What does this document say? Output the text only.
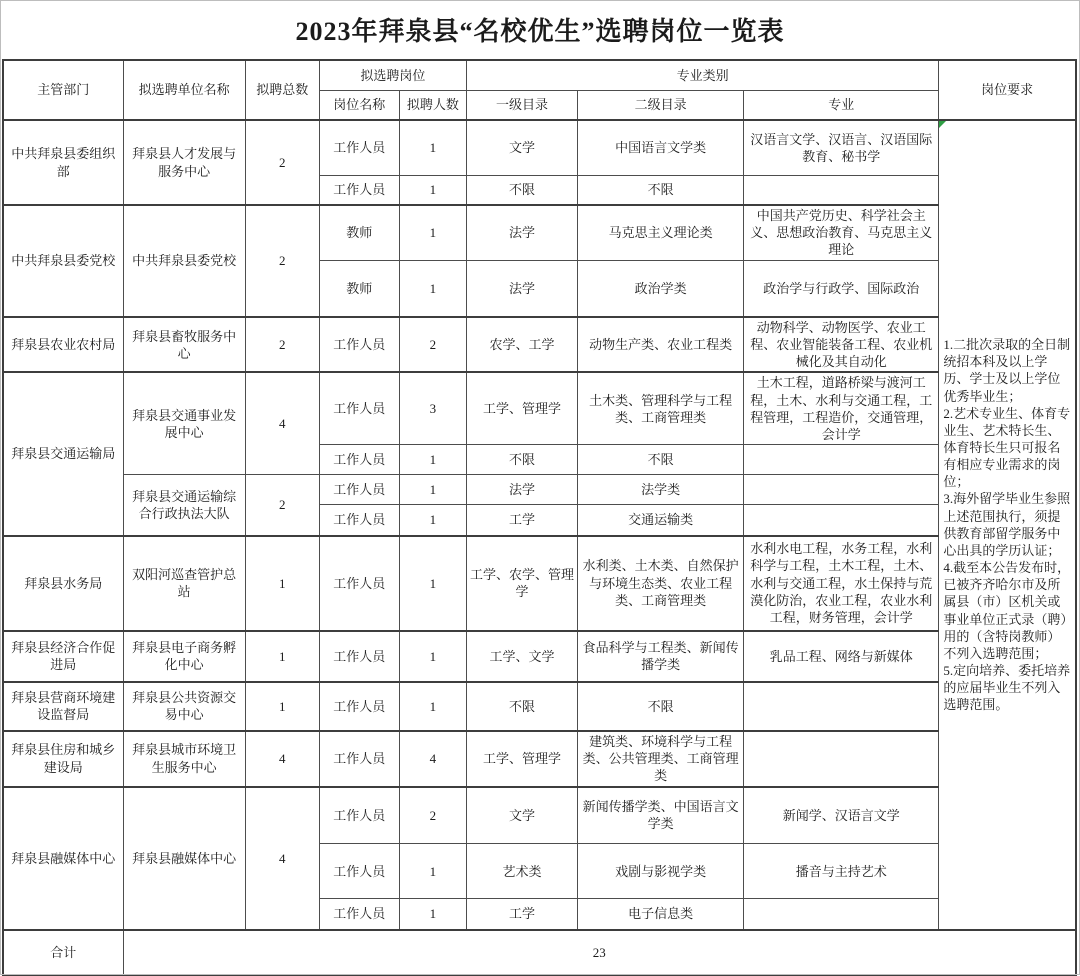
2023年拜泉县“名校优生”选聘岗位一览表
主管部门	拟选聘单位名称	拟聘总数	拟选聘岗位		专业类别			岗位要求
			岗位名称	拟聘人数	一级目录	二级目录	专业	
中共拜泉县委组织部	拜泉县人才发展与服务中心	2	工作人员	1	文学	中国语言文学类	汉语言文学、汉语言、汉语国际教育、秘书学	1.二批次录取的全日制统招本科及以上学历、学士及以上学位优秀毕业生；
2.艺术专业生、体育专业生、艺术特长生、体育特长生只可报名有相应专业需求的岗位；
3.海外留学毕业生参照上述范围执行，须提供教育部留学服务中心出具的学历认证；
4.截至本公告发布时，已被齐齐哈尔市及所属县（市）区机关或事业单位正式录（聘）用的（含特岗教师）不列入选聘范围；
5.定向培养、委托培养的应届毕业生不列入选聘范围。

			工作人员	1	不限	不限		
中共拜泉县委党校	中共拜泉县委党校	2	教师	1	法学	马克思主义理论类	中国共产党历史、科学社会主义、思想政治教育、马克思主义理论	
			教师	1	法学	政治学类	政治学与行政学、国际政治	
拜泉县农业农村局	拜泉县畜牧服务中心	2	工作人员	2	农学、工学	动物生产类、农业工程类	动物科学、动物医学、农业工程、农业智能装备工程、农业机械化及其自动化	
拜泉县交通运输局	拜泉县交通事业发展中心	4	工作人员	3	工学、管理学	土木类、管理科学与工程类、工商管理类	土木工程，道路桥梁与渡河工程，土木、水利与交通工程，工程管理，工程造价，交通管理，会计学	
			工作人员	1	不限	不限		
	拜泉县交通运输综合行政执法大队	2	工作人员	1	法学	法学类		
			工作人员	1	工学	交通运输类		
拜泉县水务局	双阳河巡查管护总站	1	工作人员	1	工学、农学、管理学	水利类、土木类、自然保护与环境生态类、农业工程类、工商管理类	水利水电工程，水务工程，水利科学与工程，土木工程，土木、水利与交通工程，水土保持与荒漠化防治，农业工程，农业水利工程，财务管理，会计学	
拜泉县经济合作促进局	拜泉县电子商务孵化中心	1	工作人员	1	工学、文学	食品科学与工程类、新闻传播学类	乳品工程、网络与新媒体	
拜泉县营商环境建设监督局	拜泉县公共资源交易中心	1	工作人员	1	不限	不限		
拜泉县住房和城乡建设局	拜泉县城市环境卫生服务中心	4	工作人员	4	工学、管理学	建筑类、环境科学与工程类、公共管理类、工商管理类		
拜泉县融媒体中心	拜泉县融媒体中心	4	工作人员	2	文学	新闻传播学类、中国语言文学类	新闻学、汉语言文学	
			工作人员	1	艺术类	戏剧与影视学类	播音与主持艺术	
			工作人员	1	工学	电子信息类		
合计	23							
